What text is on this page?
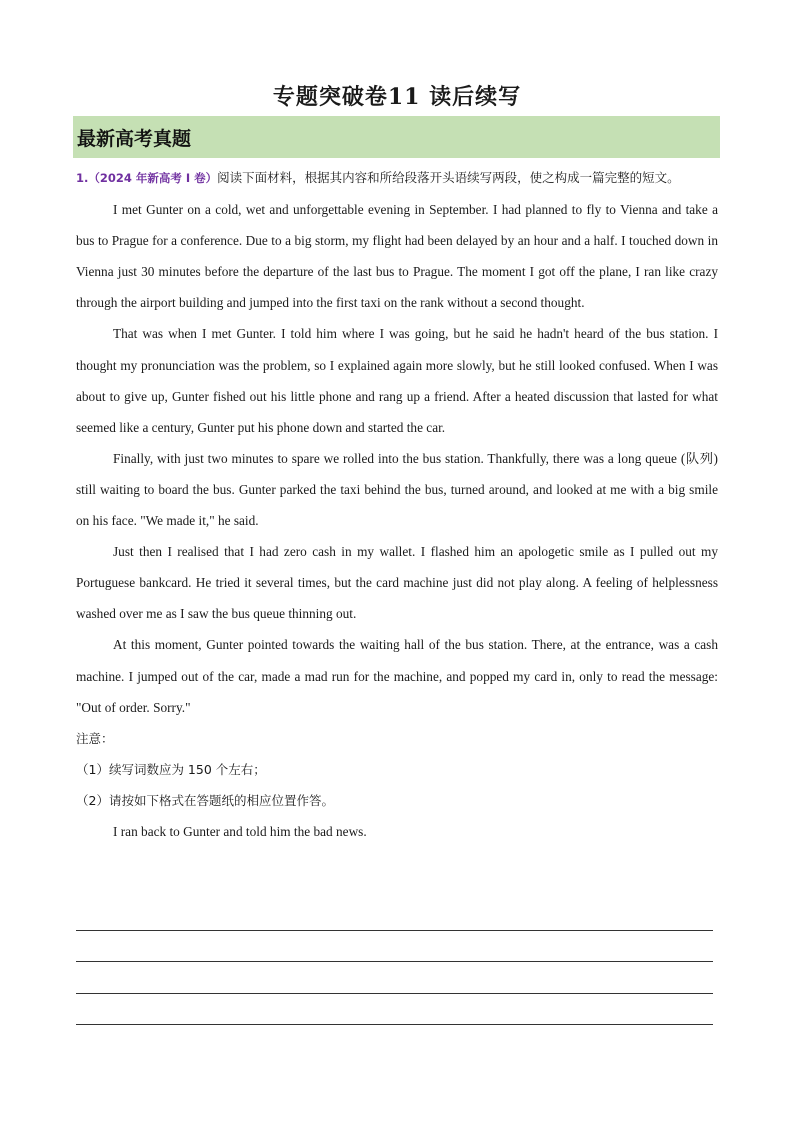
专题突破卷11 读后续写
最新高考真题

1.（2024 年新高考 I 卷）阅读下面材料，根据其内容和所给段落开头语续写两段，使之构成一篇完整的短文。

I met Gunter on a cold, wet and unforgettable evening in September. I had planned to fly to Vienna and take a bus to Prague for a conference. Due to a big storm, my flight had been delayed by an hour and a half. I touched down in Vienna just 30 minutes before the departure of the last bus to Prague. The moment I got off the plane, I ran like crazy through the airport building and jumped into the first taxi on the rank without a second thought.

That was when I met Gunter. I told him where I was going, but he said he hadn't heard of the bus station. I thought my pronunciation was the problem, so I explained again more slowly, but he still looked confused. When I was about to give up, Gunter fished out his little phone and rang up a friend. After a heated discussion that lasted for what seemed like a century, Gunter put his phone down and started the car.

Finally, with just two minutes to spare we rolled into the bus station. Thankfully, there was a long queue (队列) still waiting to board the bus. Gunter parked the taxi behind the bus, turned around, and looked at me with a big smile on his face. "We made it," he said.

Just then I realised that I had zero cash in my wallet. I flashed him an apologetic smile as I pulled out my Portuguese bankcard. He tried it several times, but the card machine just did not play along. A feeling of helplessness washed over me as I saw the bus queue thinning out.

At this moment, Gunter pointed towards the waiting hall of the bus station. There, at the entrance, was a cash machine. I jumped out of the car, made a mad run for the machine, and popped my card in, only to read the message: "Out of order. Sorry."

注意：

（1）续写词数应为 150 个左右；

（2）请按如下格式在答题纸的相应位置作答。

I ran back to Gunter and told him the bad news.
